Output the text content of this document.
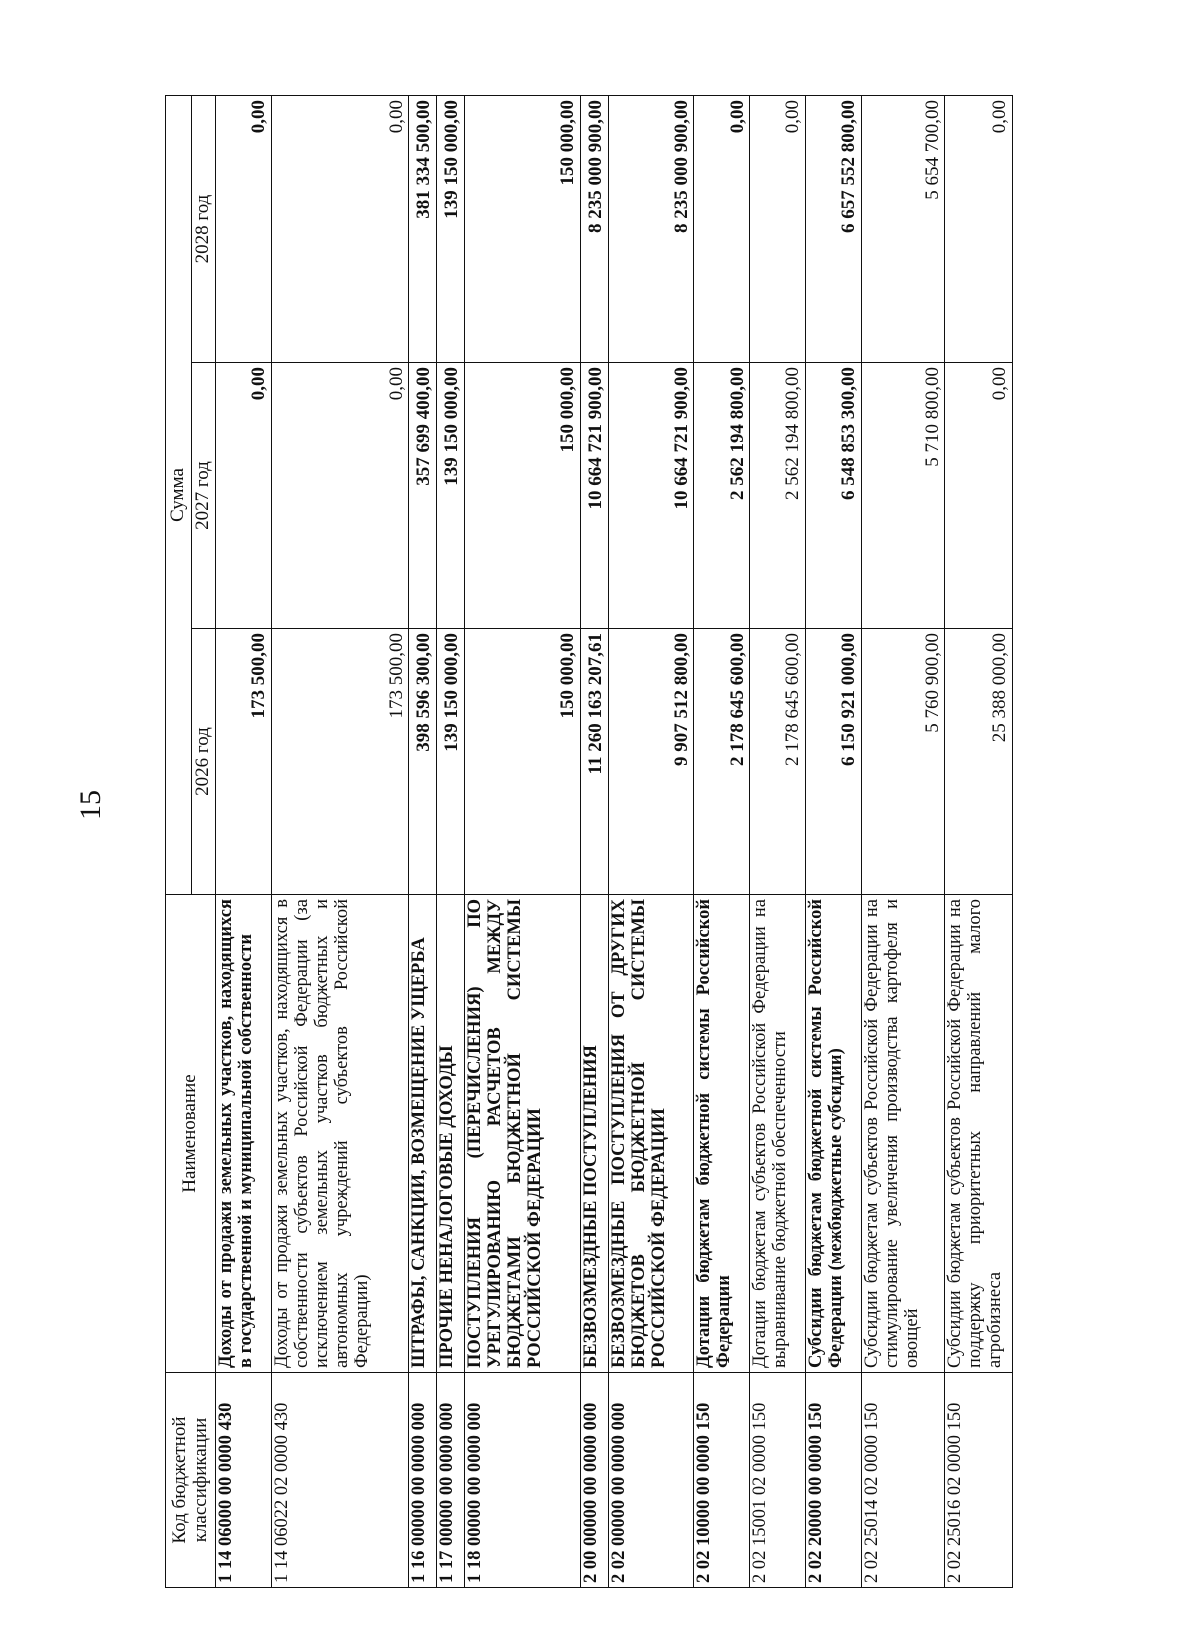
15
Код бюджетной классификации	Наименование	Сумма		
		2026 год	2027 год	2028 год
1 14 06000 00 0000 430	Доходы от продажи земельных участков, находящихся в государственной и муниципальной собственности	173 500,00	0,00	0,00
1 14 06022 02 0000 430	Доходы от продажи земельных участков, находящихся в собственности субъектов Российской Федерации (за исключением земельных участков бюджетных и автономных учреждений субъектов Российской Федерации)	173 500,00	0,00	0,00
1 16 00000 00 0000 000	ШТРАФЫ, САНКЦИИ, ВОЗМЕЩЕНИЕ УЩЕРБА	398 596 300,00	357 699 400,00	381 334 500,00
1 17 00000 00 0000 000	ПРОЧИЕ НЕНАЛОГОВЫЕ ДОХОДЫ	139 150 000,00	139 150 000,00	139 150 000,00
1 18 00000 00 0000 000	ПОСТУПЛЕНИЯ (ПЕРЕЧИСЛЕНИЯ) ПО УРЕГУЛИРОВАНИЮ РАСЧЕТОВ МЕЖДУ БЮДЖЕТАМИ БЮДЖЕТНОЙ СИСТЕМЫ РОССИЙСКОЙ ФЕДЕРАЦИИ	150 000,00	150 000,00	150 000,00
2 00 00000 00 0000 000	БЕЗВОЗМЕЗДНЫЕ ПОСТУПЛЕНИЯ	11 260 163 207,61	10 664 721 900,00	8 235 000 900,00
2 02 00000 00 0000 000	БЕЗВОЗМЕЗДНЫЕ ПОСТУПЛЕНИЯ ОТ ДРУГИХ БЮДЖЕТОВ БЮДЖЕТНОЙ СИСТЕМЫ РОССИЙСКОЙ ФЕДЕРАЦИИ	9 907 512 800,00	10 664 721 900,00	8 235 000 900,00
2 02 10000 00 0000 150	Дотации бюджетам бюджетной системы Российской Федерации	2 178 645 600,00	2 562 194 800,00	0,00
2 02 15001 02 0000 150	Дотации бюджетам субъектов Российской Федерации на выравнивание бюджетной обеспеченности	2 178 645 600,00	2 562 194 800,00	0,00
2 02 20000 00 0000 150	Субсидии бюджетам бюджетной системы Российской Федерации (межбюджетные субсидии)	6 150 921 000,00	6 548 853 300,00	6 657 552 800,00
2 02 25014 02 0000 150	Субсидии бюджетам субъектов Российской Федерации на стимулирование увеличения производства картофеля и овощей	5 760 900,00	5 710 800,00	5 654 700,00
2 02 25016 02 0000 150	Субсидии бюджетам субъектов Российской Федерации на поддержку приоритетных направлений малого агробизнеса	25 388 000,00	0,00	0,00
